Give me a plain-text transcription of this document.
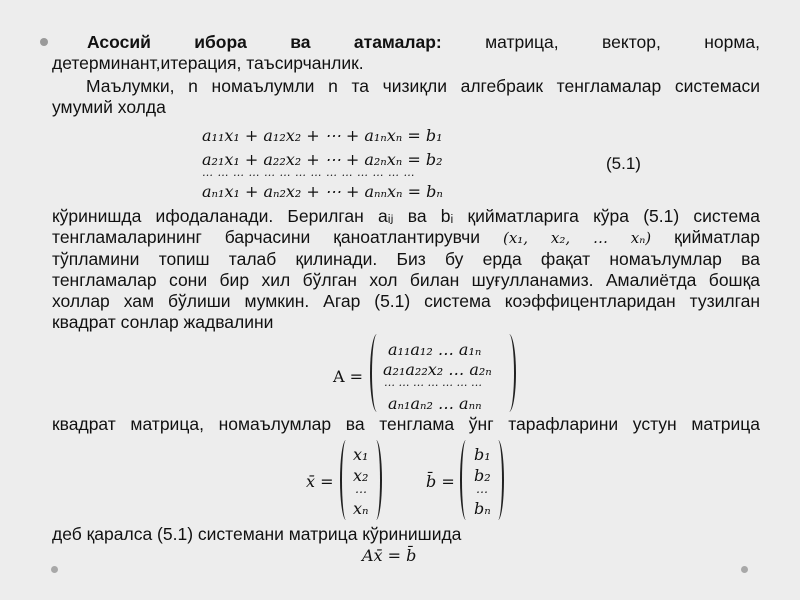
Асосий ибора ва атамалар: матрица, вектор, норма,
детерминант,итерация, таъсирчанлик.
Маълумки, n номаълумли n та чизиқли алгебраик тенгламалар системаси
умумий холда
a₁₁x₁ + a₁₂x₂ + ⋯ + a₁ₙxₙ = b₁
a₂₁x₁ + a₂₂x₂ + ⋯ + a₂ₙxₙ = b₂
… … … … … … … … … … … … … …
aₙ₁x₁ + aₙ₂x₂ + ⋯ + aₙₙxₙ = bₙ
(5.1)
кўринишда ифодаланади. Берилган aᵢⱼ ва bᵢ қийматларига кўра (5.1) система
тенгламаларининг барчасини қаноатлантирувчи (x₁, x₂, … xₙ) қийматлар
тўпламини топиш талаб қилинади. Биз бу ерда фақат номаълумлар ва
тенгламалар сони бир хил бўлган хол билан шуғулланамиз. Амалиётда бошқа
холлар хам бўлиши мумкин. Агар (5.1) система коэффицентларидан тузилган
квадрат сонлар жадвалини
A =
a₁₁a₁₂ … a₁ₙ
a₂₁a₂₂x₂ … a₂ₙ
… … … … … … …
aₙ₁aₙ₂ … aₙₙ
квадрат матрица, номаълумлар ва тенглама ўнг тарафларини устун матрица
x̄ =
x₁
x₂
…
xₙ
b̄ =
b₁
b₂
…
bₙ
деб қаралса (5.1) системани матрица кўринишида
Ax̄ = b̄
